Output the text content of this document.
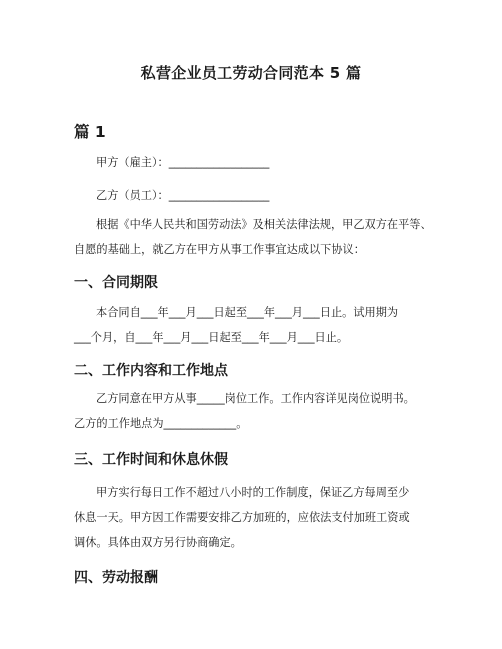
私营企业员工劳动合同范本 5 篇
篇 1

甲方（雇主）：__________________

乙方（员工）：__________________

根据《中华人民共和国劳动法》及相关法律法规，甲乙双方在平等、
自愿的基础上，就乙方在甲方从事工作事宜达成以下协议：
一、合同期限
本合同自___年___月___日起至___年___月___日止。试用期为
___个月，自___年___月___日起至___年___月___日止。
二、工作内容和工作地点
乙方同意在甲方从事_____岗位工作。工作内容详见岗位说明书。
乙方的工作地点为_____________。
三、工作时间和休息休假
甲方实行每日工作不超过八小时的工作制度，保证乙方每周至少
休息一天。甲方因工作需要安排乙方加班的，应依法支付加班工资或
调休。具体由双方另行协商确定。
四、劳动报酬
